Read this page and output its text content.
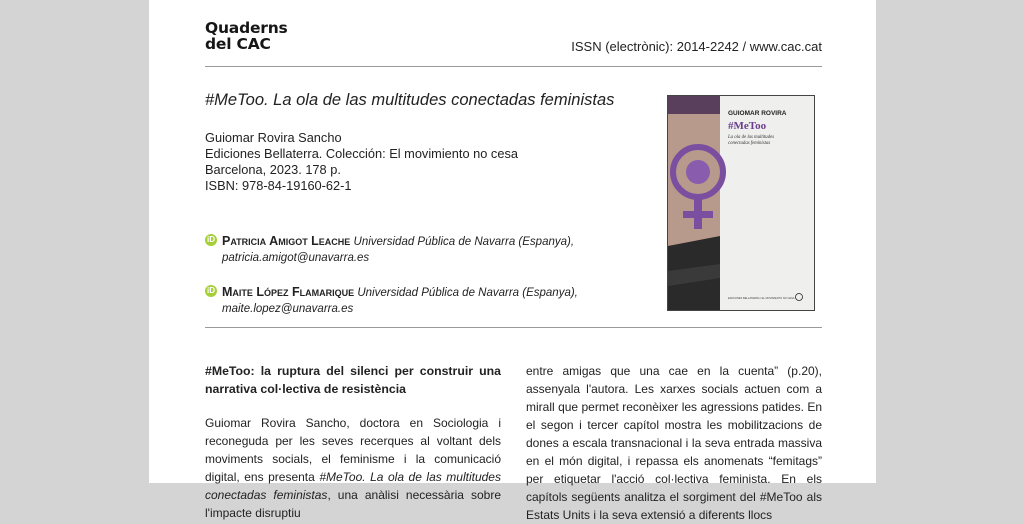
Quaderns
del CAC	ISSN (electrònic): 2014-2242 / www.cac.cat
#MeToo. La ola de las multitudes conectadas feministas
Guiomar Rovira Sancho
Ediciones Bellaterra. Colección: El movimiento no cesa
Barcelona, 2023. 178 p.
ISBN: 978-84-19160-62-1
iD Patricia Amigot Leache Universidad Pública de Navarra (Espanya),
patricia.amigot@unavarra.es
iD Maite López Flamarique Universidad Pública de Navarra (Espanya),
maite.lopez@unavarra.es
GUIOMAR ROVIRA
#MeToo
La ola de las multitudes
conectadas feministas
EDICIONES BELLATERRA / EL MOVIMIENTO NO CESA
#MeToo: la ruptura del silenci per construir una narrativa col·lectiva de resistència

Guiomar Rovira Sancho, doctora en Sociologia i reconeguda per les seves recerques al voltant dels moviments socials, el feminisme i la comunicació digital, ens presenta #MeToo. La ola de las multitudes conectadas feministas, una anàlisi necessària sobre l'impacte disruptiu

entre amigas que una cae en la cuenta” (p.20), assenyala l'autora. Les xarxes socials actuen com a mirall que permet reconèixer les agressions patides. En el segon i tercer capítol mostra les mobilitzacions de dones a escala transnacional i la seva entrada massiva en el món digital, i repassa els anomenats “femitags” per etiquetar l'acció col·lectiva feminista. En els capítols següents analitza el sorgiment del #MeToo als Estats Units i la seva extensió a diferents llocs
